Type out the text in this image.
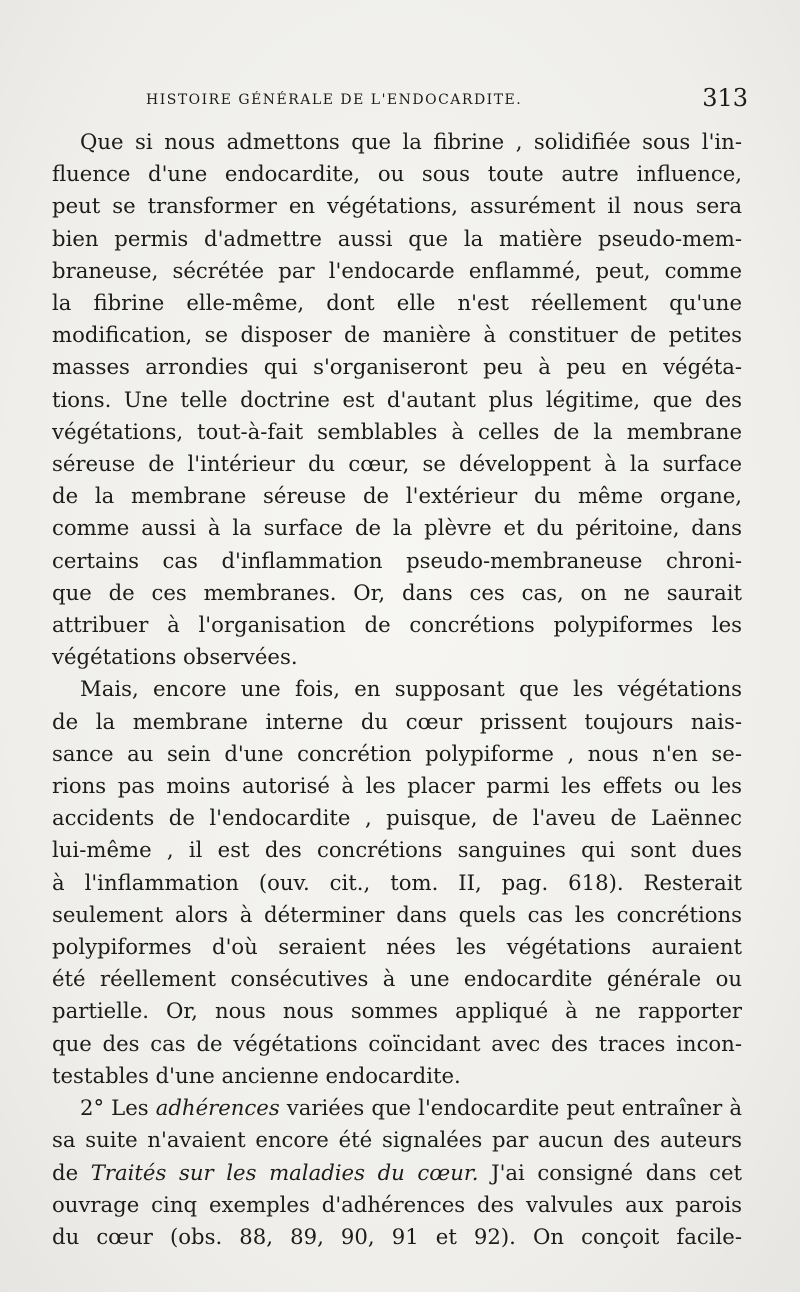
HISTOIRE GÉNÉRALE DE L'ENDOCARDITE.	313
Que si nous admettons que la fibrine , solidifiée sous l'in-
fluence d'une endocardite, ou sous toute autre influence,
peut se transformer en végétations, assurément il nous sera
bien permis d'admettre aussi que la matière pseudo-mem-
braneuse, sécrétée par l'endocarde enflammé, peut, comme
la fibrine elle-même, dont elle n'est réellement qu'une
modification, se disposer de manière à constituer de petites
masses arrondies qui s'organiseront peu à peu en végéta-
tions. Une telle doctrine est d'autant plus légitime, que des
végétations, tout-à-fait semblables à celles de la membrane
séreuse de l'intérieur du cœur, se développent à la surface
de la membrane séreuse de l'extérieur du même organe,
comme aussi à la surface de la plèvre et du péritoine, dans
certains cas d'inflammation pseudo-membraneuse chroni-
que de ces membranes. Or, dans ces cas, on ne saurait
attribuer à l'organisation de concrétions polypiformes les
végétations observées.
Mais, encore une fois, en supposant que les végétations
de la membrane interne du cœur prissent toujours nais-
sance au sein d'une concrétion polypiforme , nous n'en se-
rions pas moins autorisé à les placer parmi les effets ou les
accidents de l'endocardite , puisque, de l'aveu de Laënnec
lui-même , il est des concrétions sanguines qui sont dues
à l'inflammation (ouv. cit., tom. II, pag. 618). Resterait
seulement alors à déterminer dans quels cas les concrétions
polypiformes d'où seraient nées les végétations auraient
été réellement consécutives à une endocardite générale ou
partielle. Or, nous nous sommes appliqué à ne rapporter
que des cas de végétations coïncidant avec des traces incon-
testables d'une ancienne endocardite.
2° Les adhérences variées que l'endocardite peut entraîner à
sa suite n'avaient encore été signalées par aucun des auteurs
de Traités sur les maladies du cœur. J'ai consigné dans cet
ouvrage cinq exemples d'adhérences des valvules aux parois
du cœur (obs. 88, 89, 90, 91 et 92). On conçoit facile-
